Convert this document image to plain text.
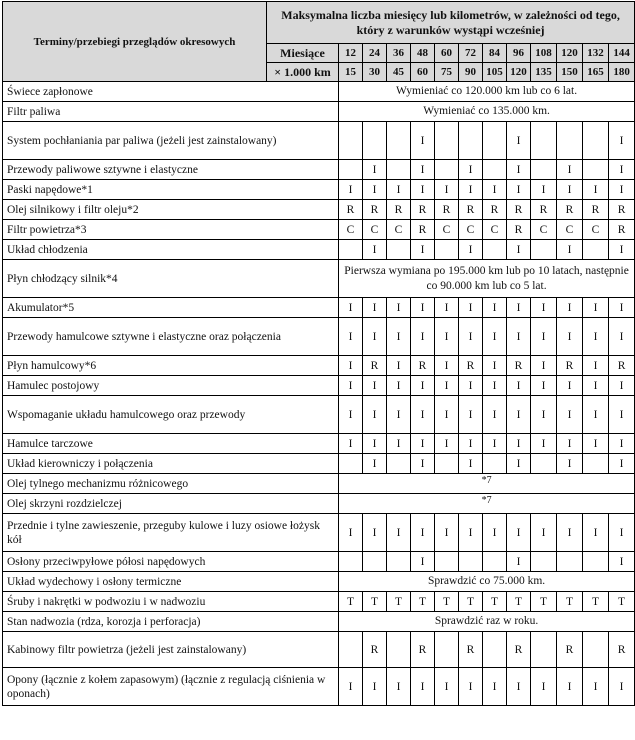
Terminy/przebiegi przeglądów okresowych	Maksymalna liczba miesięcy lub kilometrów, w zależności od tego, który z warunków wystąpi wcześniej												
	Miesiące	12	24	36	48	60	72	84	96	108	120	132	144
	× 1.000 km	15	30	45	60	75	90	105	120	135	150	165	180
Świece zapłonowe		Wymieniać co 120.000 km lub co 6 lat.											
Filtr paliwa		Wymieniać co 135.000 km.											
System pochłaniania par paliwa (jeżeli jest zainstalowany)					I				I				I
Przewody paliwowe sztywne i elastyczne			I		I		I		I		I		I
Paski napędowe*1		I	I	I	I	I	I	I	I	I	I	I	I
Olej silnikowy i filtr oleju*2		R	R	R	R	R	R	R	R	R	R	R	R
Filtr powietrza*3		C	C	C	R	C	C	C	R	C	C	C	R
Układ chłodzenia			I		I		I		I		I		I
Płyn chłodzący silnik*4		Pierwsza wymiana po 195.000 km lub po 10 latach, następnie co 90.000 km lub co 5 lat.											
Akumulator*5		I	I	I	I	I	I	I	I	I	I	I	I
Przewody hamulcowe sztywne i elastyczne oraz połączenia		I	I	I	I	I	I	I	I	I	I	I	I
Płyn hamulcowy*6		I	R	I	R	I	R	I	R	I	R	I	R
Hamulec postojowy		I	I	I	I	I	I	I	I	I	I	I	I
Wspomaganie układu hamulcowego oraz przewody		I	I	I	I	I	I	I	I	I	I	I	I
Hamulce tarczowe		I	I	I	I	I	I	I	I	I	I	I	I
Układ kierowniczy i połączenia			I		I		I		I		I		I
Olej tylnego mechanizmu różnicowego		*7											
Olej skrzyni rozdzielczej		*7											
Przednie i tylne zawieszenie, przeguby kulowe i luzy osiowe łożysk kół		I	I	I	I	I	I	I	I	I	I	I	I
Osłony przeciwpyłowe półosi napędowych					I				I				I
Układ wydechowy i osłony termiczne		Sprawdzić co 75.000 km.											
Śruby i nakrętki w podwoziu i w nadwoziu		T	T	T	T	T	T	T	T	T	T	T	T
Stan nadwozia (rdza, korozja i perforacja)		Sprawdzić raz w roku.											
Kabinowy filtr powietrza (jeżeli jest zainstalowany)			R		R		R		R		R		R
Opony (łącznie z kołem zapasowym) (łącznie z regulacją ciśnienia w oponach)		I	I	I	I	I	I	I	I	I	I	I	I
